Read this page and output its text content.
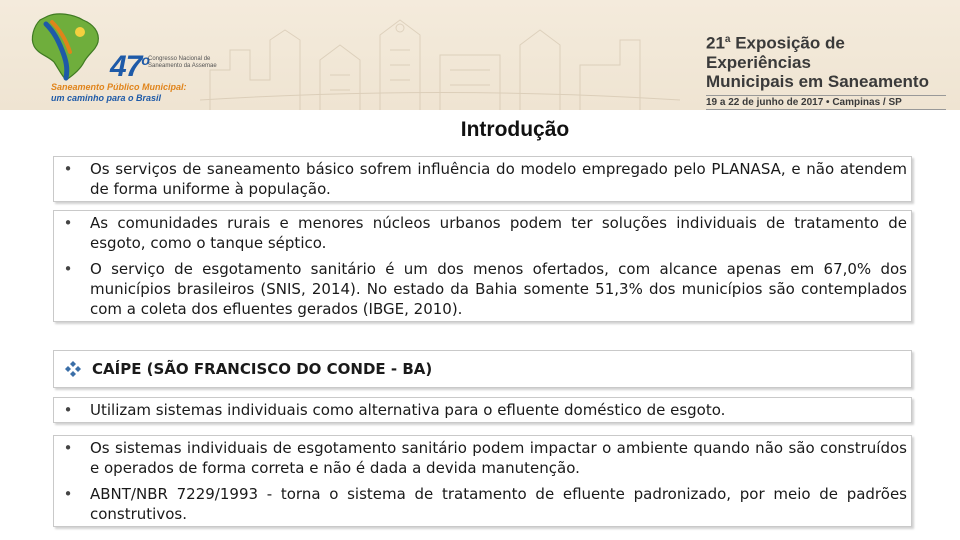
47$^o$ Congresso Nacional de Saneamento da Assemae
Saneamento Público Municipal:
um caminho para o Brasil
21$^a$ Exposição de Experiências
Municipais em Saneamento
19 a 22 de junho de 2017 • Campinas / SP
Introdução
•	Os serviços de saneamento básico sofrem influência do modelo empregado pelo PLANASA, e não atendem de forma uniforme à população.
•	As comunidades rurais e menores núcleos urbanos podem ter soluções individuais de tratamento de esgoto, como o tanque séptico.
•	O serviço de esgotamento sanitário é um dos menos ofertados, com alcance apenas em 67,0% dos municípios brasileiros (SNIS, 2014). No estado da Bahia somente 51,3% dos municípios são contemplados com a coleta dos efluentes gerados (IBGE, 2010).
CAÍPE (SÃO FRANCISCO DO CONDE - BA)
•	Utilizam sistemas individuais como alternativa para o efluente doméstico de esgoto.
•	Os sistemas individuais de esgotamento sanitário podem impactar o ambiente quando não são construídos e operados de forma correta e não é dada a devida manutenção.
•	ABNT/NBR 7229/1993 - torna o sistema de tratamento de efluente padronizado, por meio de padrões construtivos.
